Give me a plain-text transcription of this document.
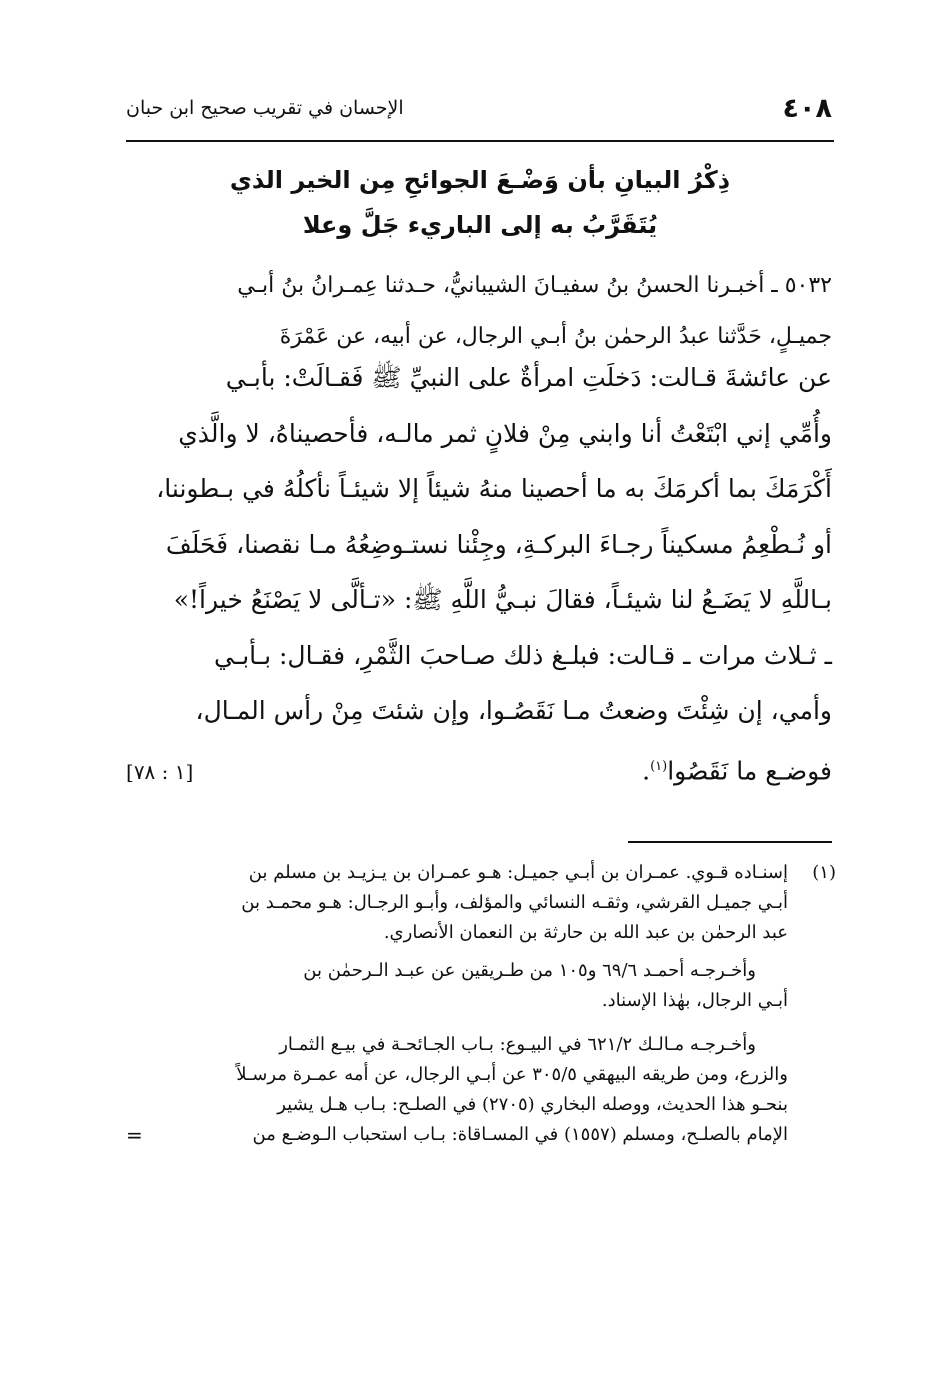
٤٠٨
الإحسان في تقريب صحيح ابن حبان
ذِكْرُ البيانِ بأن وَضْـعَ الجوائحِ مِن الخير الذي
يُتَقَرَّبُ به إلى الباريء جَلَّ وعلا
٥٠٣٢ ـ أخبـرنا الحسنُ بنُ سفيـانَ الشيبانيُّ، حـدثنا عِمـرانُ بنُ أبـي
جميـلٍ، حَدَّثنا عبدُ الرحمٰن بنُ أبـي الرجال، عن أبيه، عن عَمْرَةَ
عن عائشةَ قـالت: دَخلَتِ امرأةٌ على النبيِّ ﷺ فَقـالَتْ: بأبـي
وأُمِّي إني ابْتَعْتُ أنا وابني مِنْ فلانٍ ثمر مالـه، فأحصيناهُ، لا والَّذي
أَكْرَمَكَ بما أكرمَكَ به ما أحصينا منهُ شيئاً إلا شيئـاً نأكلُهُ في بـطوننا،
أو نُـطْعِمُ مسكيناً رجـاءَ البركـةِ، وجِئْنا نستـوضِعُهُ مـا نقصنا، فَحَلَفَ
بـاللَّهِ لا يَضَـعُ لنا شيئـاً، فقالَ نبـيُّ اللَّهِ ﷺ: «تـألَّى لا يَصْنَعُ خيراً!»
ـ ثـلاث مرات ـ قـالت: فبلـغ ذلك صـاحبَ الثَّمْرِ، فقـال: بـأبـي
وأمي، إن شِئْتَ وضعتُ مـا نَقَصُـوا، وإن شئتَ مِنْ رأس المـال،
فوضـع ما نَقَصُوا$^{(١)}$.
[١ : ٧٨]
(١)
إسنـاده قـوي. عمـران بن أبـي جميـل: هـو عمـران بن يـزيـد بن مسلم بن
أبـي جميـل القرشي، وثقـه النسائي والمؤلف، وأبـو الرجـال: هـو محمـد بن
عبد الرحمٰن بن عبد الله بن حارثة بن النعمان الأنصاري.
وأخـرجـه أحمـد ٦٩/٦ و١٠٥ من طـريقين عن عبـد الـرحمٰن بن
أبـي الرجال، بهٰذا الإسناد.
وأخـرجـه مـالـك ٦٢١/٢ في البيـوع: بـاب الجـائحـة في بيـع الثمـار
والزرع، ومن طريقه البيهقي ٣٠٥/٥ عن أبـي الرجال، عن أمه عمـرة مرسـلاً
بنحـو هذا الحديث، ووصله البخاري (٢٧٠٥) في الصلـح: بـاب هـل يشير
الإمام بالصلـح، ومسلم (١٥٥٧) في المسـاقاة: بـاب استحباب الـوضـع من
=
